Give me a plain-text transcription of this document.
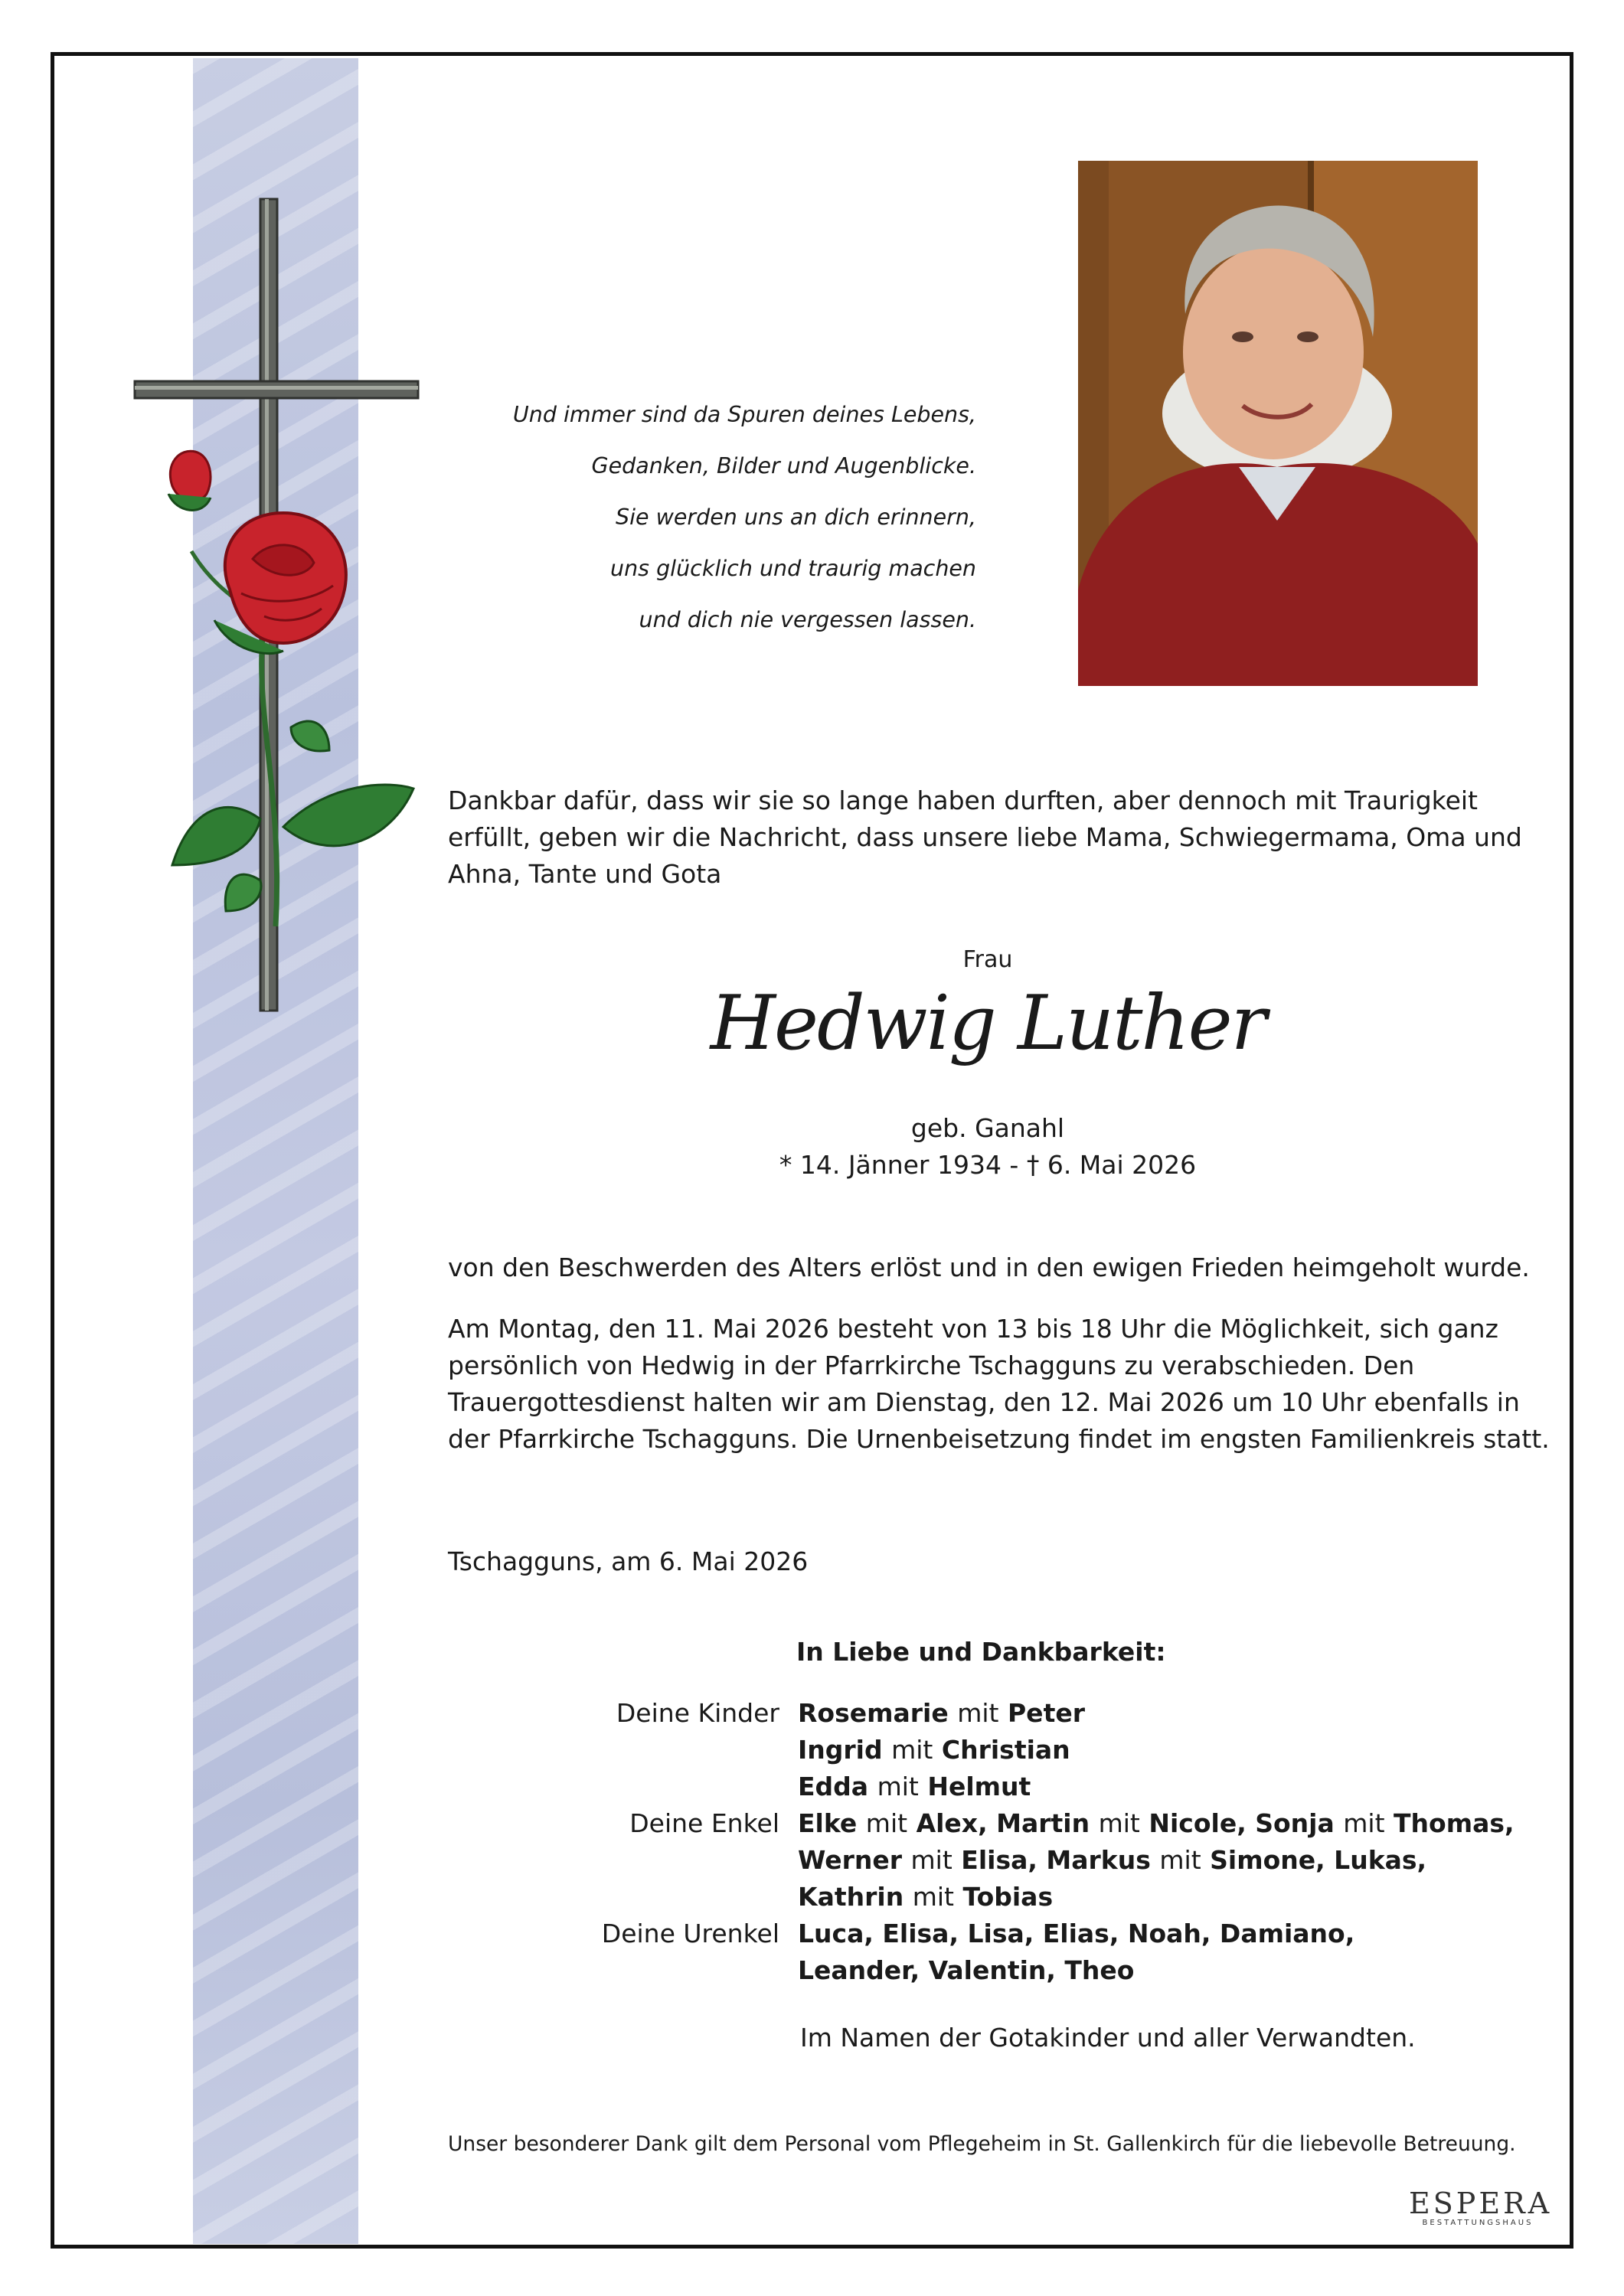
Und immer sind da Spuren deines Lebens,
Gedanken, Bilder und Augenblicke.
Sie werden uns an dich erinnern,
uns glücklich und traurig machen
und dich nie vergessen lassen.
Dankbar dafür, dass wir sie so lange haben durften, aber dennoch mit Traurigkeit erfüllt, geben wir die Nachricht, dass unsere liebe Mama, Schwiegermama, Oma und Ahna, Tante und Gota
Frau
Hedwig Luther
geb. Ganahl
* 14. Jänner 1934 - † 6. Mai 2026
von den Beschwerden des Alters erlöst und in den ewigen Frieden heimgeholt wurde.
Am Montag, den 11. Mai 2026 besteht von 13 bis 18 Uhr die Möglichkeit, sich ganz persönlich von Hedwig in der Pfarrkirche Tschagguns zu verabschieden. Den Trauergottesdienst halten wir am Dienstag, den 12. Mai 2026 um 10 Uhr ebenfalls in der Pfarrkirche Tschagguns. Die Urnenbeisetzung findet im engsten Familienkreis statt.
Tschagguns, am 6. Mai 2026
In Liebe und Dankbarkeit:
Deine Kinder	Rosemarie mit Peter
	Ingrid mit Christian
	Edda mit Helmut
Deine Enkel	Elke mit Alex, Martin mit Nicole, Sonja mit Thomas,
	Werner mit Elisa, Markus mit Simone, Lukas,
	Kathrin mit Tobias
Deine Urenkel	Luca, Elisa, Lisa, Elias, Noah, Damiano,
	Leander, Valentin, Theo
Im Namen der Gotakinder und aller Verwandten.
Unser besonderer Dank gilt dem Personal vom Pflegeheim in St. Gallenkirch für die liebevolle Betreuung.
ESPERA
BESTATTUNGSHAUS
